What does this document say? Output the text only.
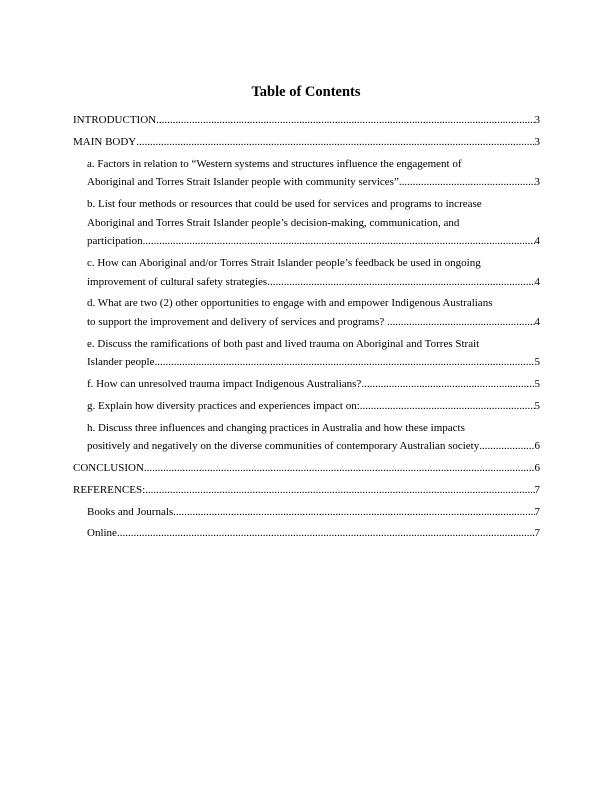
Table of Contents
INTRODUCTION .....	3
MAIN BODY .....	3
a. Factors in relation to “Western systems and structures influence the engagement of
Aboriginal and Torres Strait Islander people with community services” .....	3
b. List four methods or resources that could be used for services and programs to increase
Aboriginal and Torres Strait Islander people’s decision-making, communication, and
participation .....	4
c. How can Aboriginal and/or Torres Strait Islander people’s feedback be used in ongoing
improvement of cultural safety strategies .....	4
d. What are two (2) other opportunities to engage with and empower Indigenous Australians
to support the improvement and delivery of services and programs? .....	4
e. Discuss the ramifications of both past and lived trauma on Aboriginal and Torres Strait
Islander people .....	5
f. How can unresolved trauma impact Indigenous Australians? .....	5
g. Explain how diversity practices and experiences impact on: .....	5
h. Discuss three influences and changing practices in Australia and how these impacts
positively and negatively on the diverse communities of contemporary Australian society .....	6
CONCLUSION .....	6
REFERENCES: .....	7
Books and Journals .....	7
Online .....	7
